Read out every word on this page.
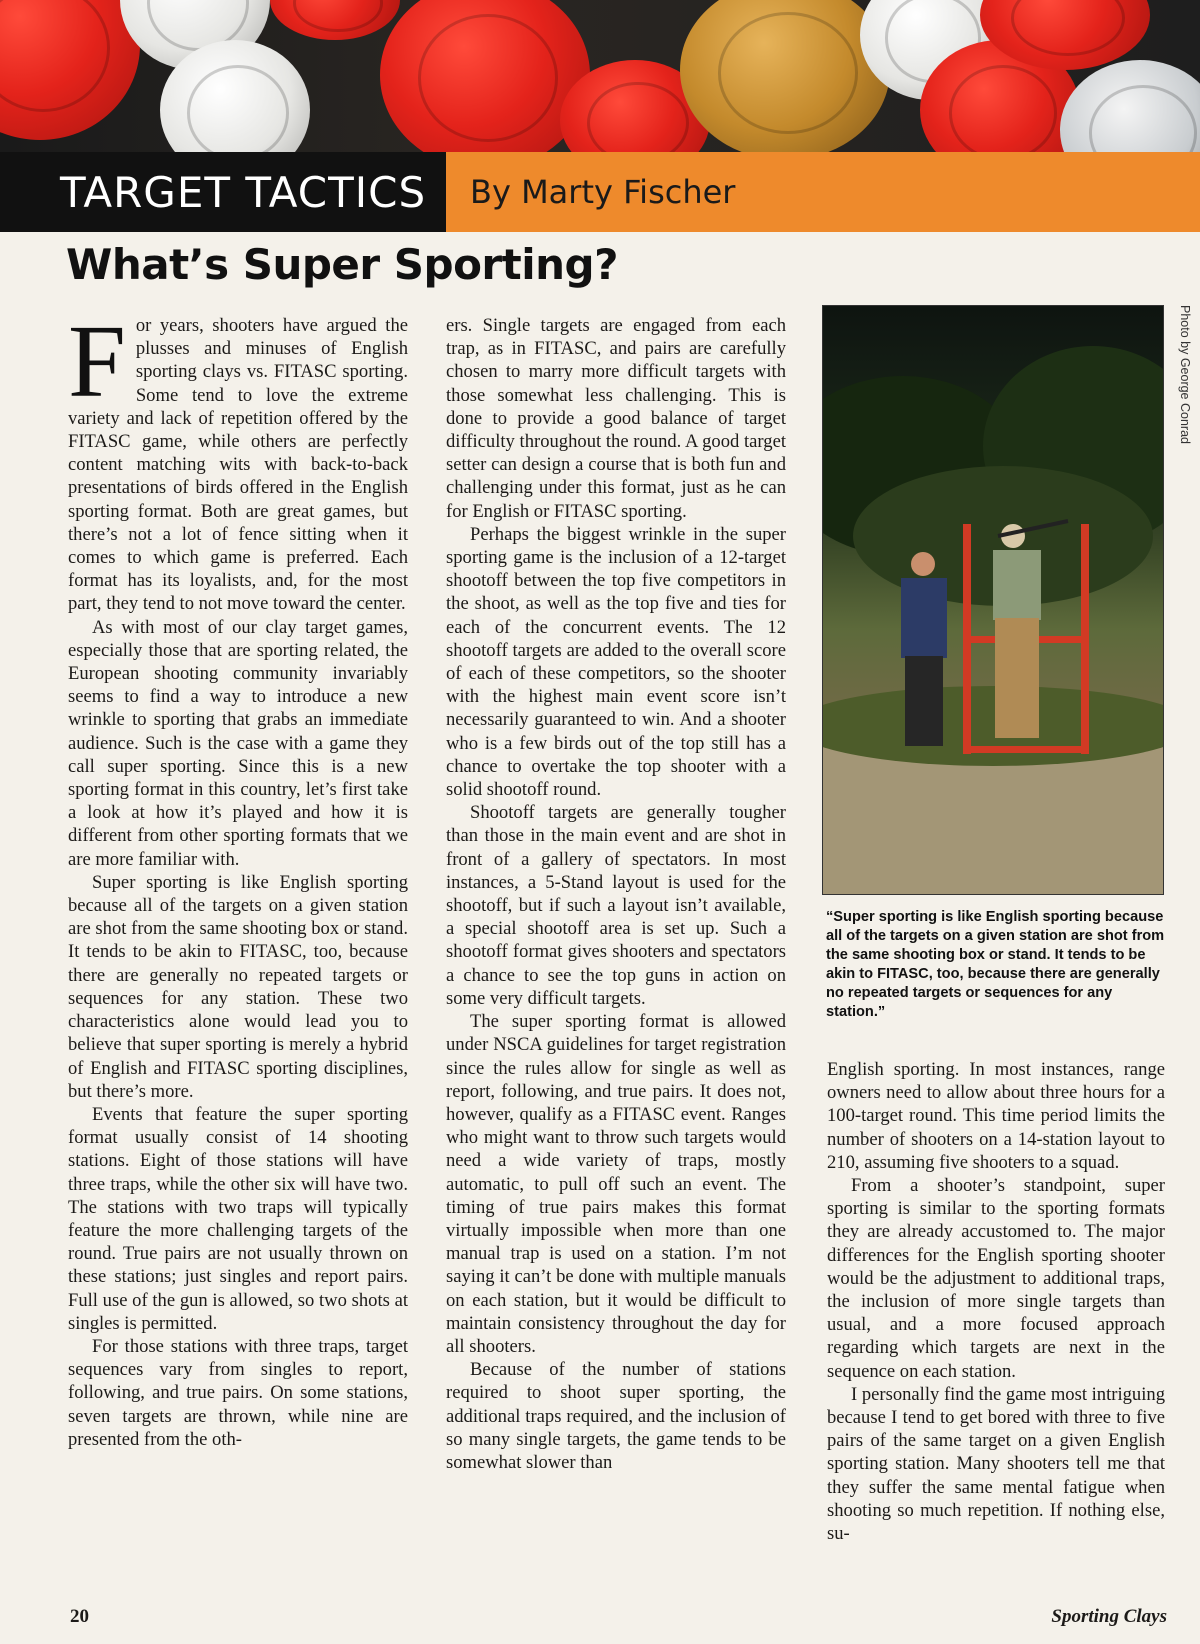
TARGET TACTICS By Marty Fischer
What’s Super Sporting?

For years, shooters have argued the plusses and minuses of English sporting clays vs. FITASC sporting. Some tend to love the extreme variety and lack of repetition offered by the FITASC game, while others are perfectly content matching wits with back-to-back presentations of birds offered in the English sporting format. Both are great games, but there’s not a lot of fence sitting when it comes to which game is preferred. Each format has its loyalists, and, for the most part, they tend to not move toward the center.

As with most of our clay target games, especially those that are sporting related, the European shooting community invariably seems to find a way to introduce a new wrinkle to sporting that grabs an immediate audience. Such is the case with a game they call super sporting. Since this is a new sporting format in this country, let’s first take a look at how it’s played and how it is different from other sporting formats that we are more familiar with.

Super sporting is like English sporting because all of the targets on a given station are shot from the same shooting box or stand. It tends to be akin to FITASC, too, because there are generally no repeated targets or sequences for any station. These two characteristics alone would lead you to believe that super sporting is merely a hybrid of English and FITASC sporting disciplines, but there’s more.

Events that feature the super sporting format usually consist of 14 shooting stations. Eight of those stations will have three traps, while the other six will have two. The stations with two traps will typically feature the more challenging targets of the round. True pairs are not usually thrown on these stations; just singles and report pairs. Full use of the gun is allowed, so two shots at singles is permitted.

For those stations with three traps, target sequences vary from singles to report, following, and true pairs. On some stations, seven targets are thrown, while nine are presented from the oth-

ers. Single targets are engaged from each trap, as in FITASC, and pairs are carefully chosen to marry more difficult targets with those somewhat less challenging. This is done to provide a good balance of target difficulty throughout the round. A good target setter can design a course that is both fun and challenging under this format, just as he can for English or FITASC sporting.

Perhaps the biggest wrinkle in the super sporting game is the inclusion of a 12-target shootoff between the top five competitors in the shoot, as well as the top five and ties for each of the concurrent events. The 12 shootoff targets are added to the overall score of each of these competitors, so the shooter with the highest main event score isn’t necessarily guaranteed to win. And a shooter who is a few birds out of the top still has a chance to overtake the top shooter with a solid shootoff round.

Shootoff targets are generally tougher than those in the main event and are shot in front of a gallery of spectators. In most instances, a 5-Stand layout is used for the shootoff, but if such a layout isn’t available, a special shootoff area is set up. Such a shootoff format gives shooters and spectators a chance to see the top guns in action on some very difficult targets.

The super sporting format is allowed under NSCA guidelines for target registration since the rules allow for single as well as report, following, and true pairs. It does not, however, qualify as a FITASC event. Ranges who might want to throw such targets would need a wide variety of traps, mostly automatic, to pull off such an event. The timing of true pairs makes this format virtually impossible when more than one manual trap is used on a station. I’m not saying it can’t be done with multiple manuals on each station, but it would be difficult to maintain consistency throughout the day for all shooters.

Because of the number of stations required to shoot super sporting, the additional traps required, and the inclusion of so many single targets, the game tends to be somewhat slower than

Photo by George Conrad
“Super sporting is like English sporting because all of the targets on a given station are shot from the same shooting box or stand. It tends to be akin to FITASC, too, because there are generally no repeated targets or sequences for any station.”

English sporting. In most instances, range owners need to allow about three hours for a 100-target round. This time period limits the number of shooters on a 14-station layout to 210, assuming five shooters to a squad.

From a shooter’s standpoint, super sporting is similar to the sporting formats they are already accustomed to. The major differences for the English sporting shooter would be the adjustment to additional traps, the inclusion of more single targets than usual, and a more focused approach regarding which targets are next in the sequence on each station.

I personally find the game most intriguing because I tend to get bored with three to five pairs of the same target on a given English sporting station. Many shooters tell me that they suffer the same mental fatigue when shooting so much repetition. If nothing else, su-

20	Sporting Clays
